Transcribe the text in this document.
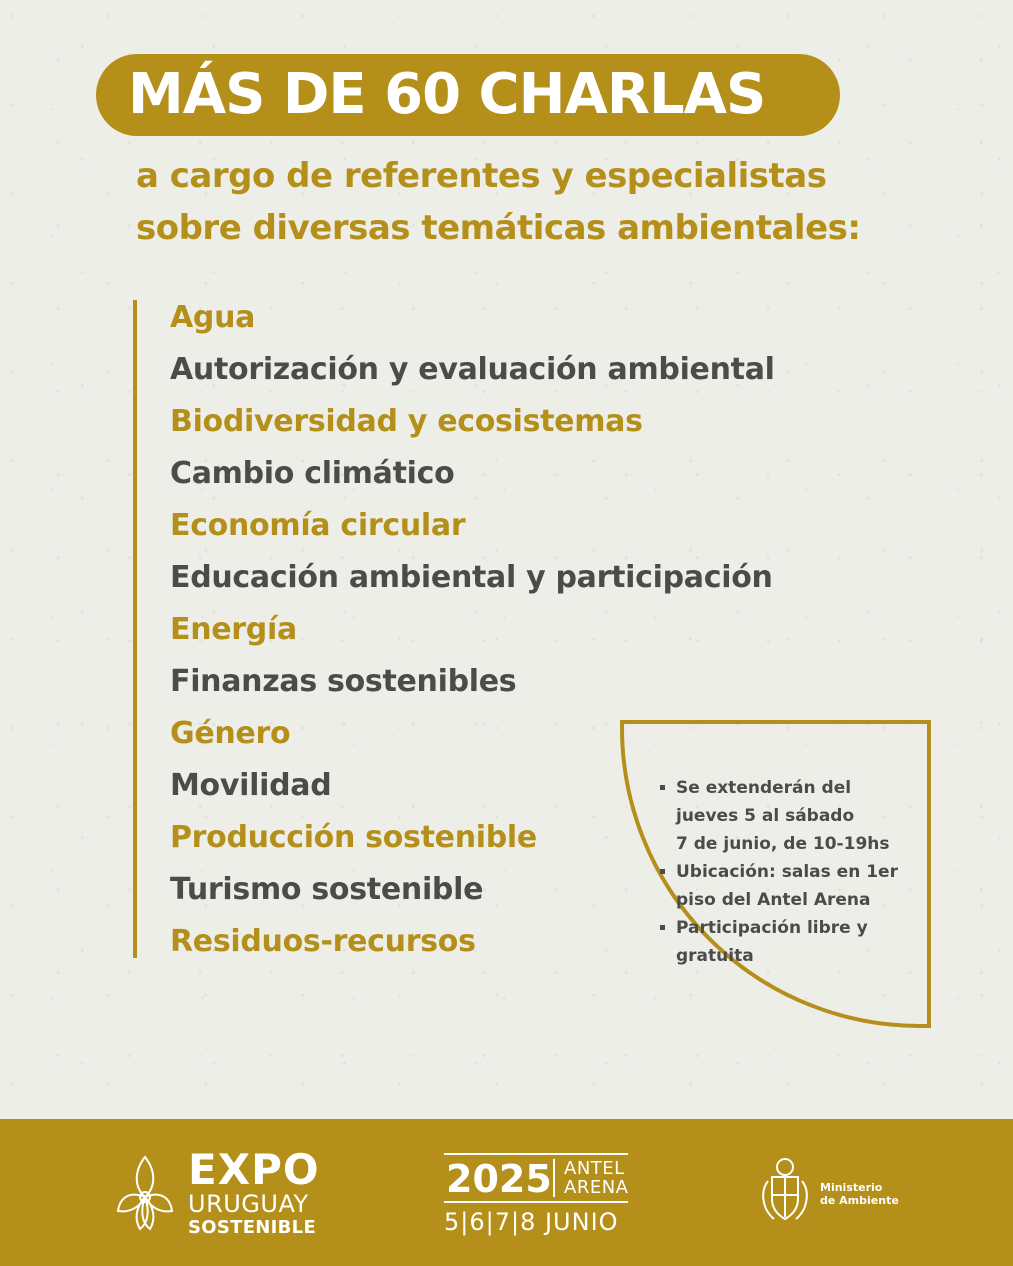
MÁS DE 60 CHARLAS

a cargo de referentes y especialistas
sobre diversas temáticas ambientales:

Agua
Autorización y evaluación ambiental
Biodiversidad y ecosistemas
Cambio climático
Economía circular
Educación ambiental y participación
Energía
Finanzas sostenibles
Género
Movilidad
Producción sostenible
Turismo sostenible
Residuos-recursos
Se extenderán del
jueves 5 al sábado
7 de junio, de 10-19hs
Ubicación: salas en 1er
piso del Antel Arena
Participación libre y
gratuita
EXPO
URUGUAY
SOSTENIBLE
2025 ANTEL
ARENA
5|6|7|8 JUNIO
Ministerio
de Ambiente
